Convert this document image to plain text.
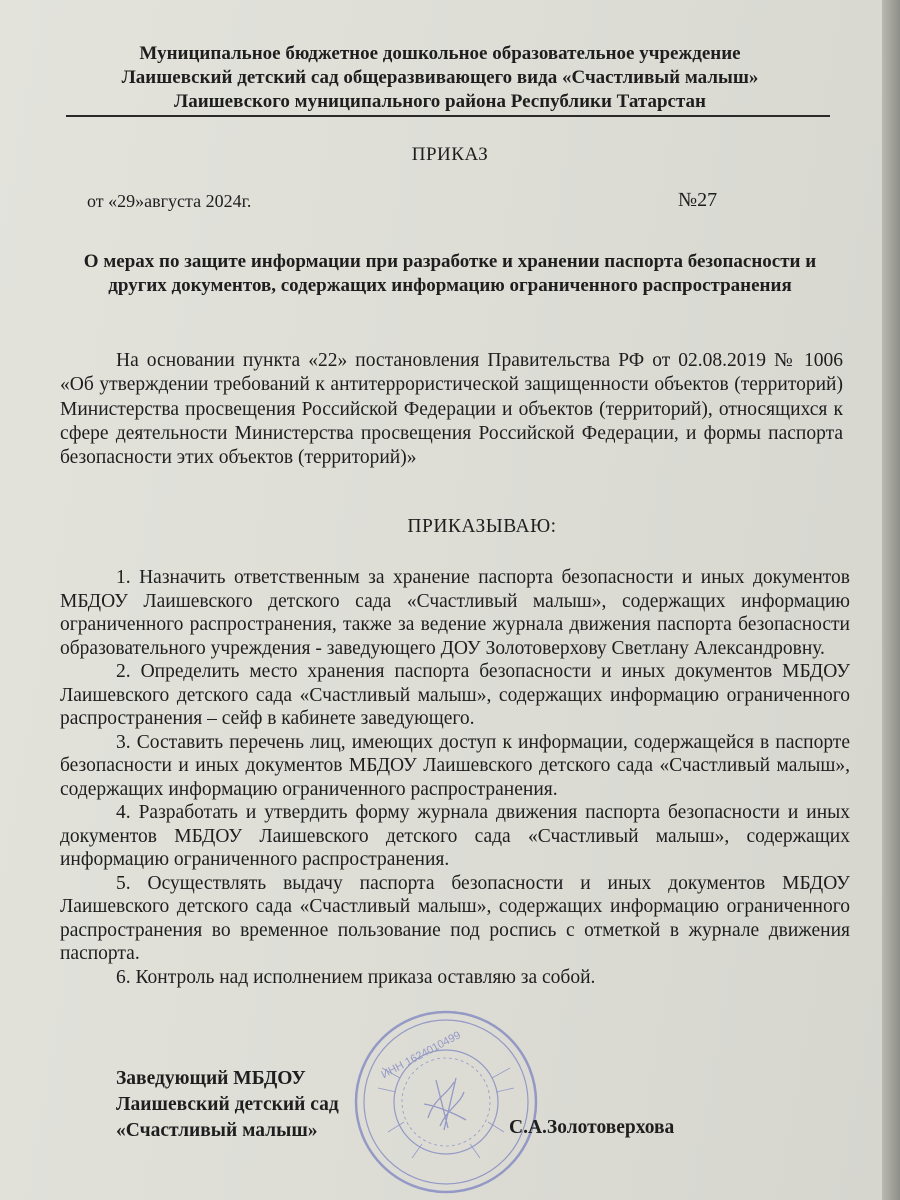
Муниципальное бюджетное дошкольное образовательное учреждение
Лаишевский детский сад общеразвивающего вида «Счастливый малыш»
Лаишевского муниципального района Республики Татарстан
ПРИКАЗ
от «29»августа 2024г.	№27
О мерах по защите информации при разработке и хранении паспорта безопасности и других документов, содержащих информацию ограниченного распространения

На основании пункта «22» постановления Правительства РФ от 02.08.2019 № 1006 «Об утверждении требований к антитеррористической защищенности объектов (территорий) Министерства просвещения Российской Федерации и объектов (территорий), относящихся к сфере деятельности Министерства просвещения Российской Федерации, и формы паспорта безопасности этих объектов (территорий)»

ПРИКАЗЫВАЮ:

1. Назначить ответственным за хранение паспорта безопасности и иных документов МБДОУ Лаишевского детского сада «Счастливый малыш», содержащих информацию ограниченного распространения, также за ведение журнала движения паспорта безопасности образовательного учреждения - заведующего ДОУ Золотоверхову Светлану Александровну.

2. Определить место хранения паспорта безопасности и иных документов МБДОУ Лаишевского детского сада «Счастливый малыш», содержащих информацию ограниченного распространения – сейф в кабинете заведующего.

3. Составить перечень лиц, имеющих доступ к информации, содержащейся в паспорте безопасности и иных документов МБДОУ Лаишевского детского сада «Счастливый малыш», содержащих информацию ограниченного распространения.

4. Разработать и утвердить форму журнала движения паспорта безопасности и иных документов МБДОУ Лаишевского детского сада «Счастливый малыш», содержащих информацию ограниченного распространения.

5. Осуществлять выдачу паспорта безопасности и иных документов МБДОУ Лаишевского детского сада «Счастливый малыш», содержащих информацию ограниченного распространения во временное пользование под роспись с отметкой в журнале движения паспорта.

6. Контроль над исполнением приказа оставляю за собой.

ИНН 1624010499
Заведующий МБДОУ
Лаишевский детский сад
«Счастливый малыш»	С.А.Золотоверхова
